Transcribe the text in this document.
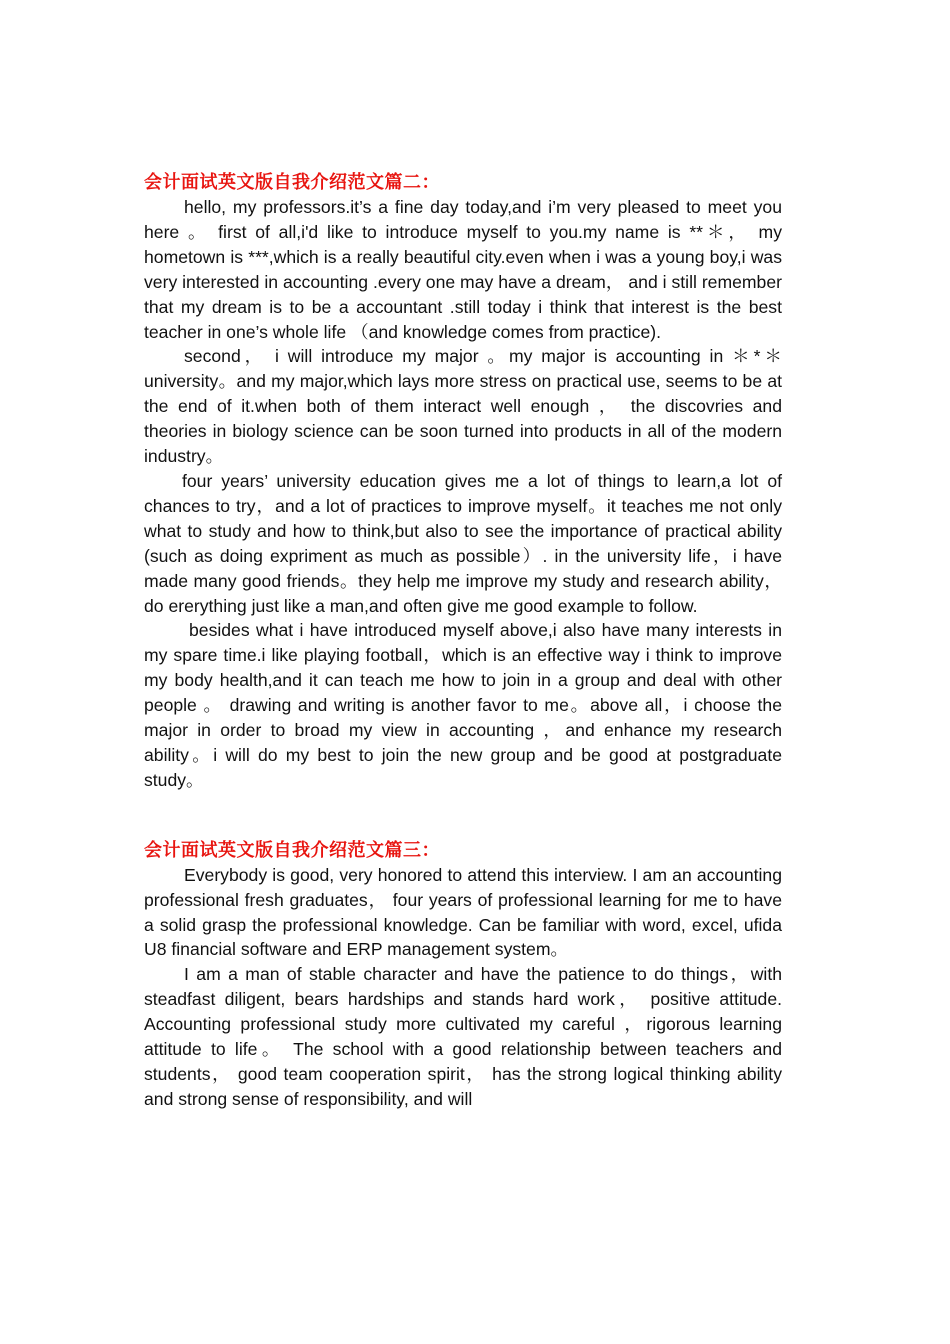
会计面试英文版自我介绍范文篇二：

hello, my professors.it’s a fine day today,and i’m very pleased to meet you here 。 first of all,i'd like to introduce myself to you.my name is **＊， my hometown is ***,which is a really beautiful city.even when i was a young boy,i was very interested in accounting .every one may have a dream， and i still remember that my dream is to be a accountant .still today i think that interest is the best teacher in one’s whole life （and knowledge comes from practice).

second， i will introduce my major 。my major is accounting in ＊*＊ university。and my major,which lays more stress on practical use, seems to be at the end of it.when both of them interact well enough ， the discovries and theories in biology science can be soon turned into products in all of the modern industry。

four years’ university education gives me a lot of things to learn,a lot of chances to try，and a lot of practices to improve myself。it teaches me not only what to study and how to think,but also to see the importance of practical ability (such as doing expriment as much as possible）. in the university life，i have made many good friends。they help me improve my study and research ability， do ererything just like a man,and often give me good example to follow.

besides what i have introduced myself above,i also have many interests in my spare time.i like playing football，which is an effective way i think to improve my body health,and it can teach me how to join in a group and deal with other people 。 drawing and writing is another favor to me。above all，i choose the major in order to broad my view in accounting ，and enhance my research ability。i will do my best to join the new group and be good at postgraduate study。

会计面试英文版自我介绍范文篇三：

Everybody is good, very honored to attend this interview. I am an accounting professional fresh graduates， four years of professional learning for me to have a solid grasp the professional knowledge. Can be familiar with word, excel, ufida U8 financial software and ERP management system。

I am a man of stable character and have the patience to do things，with steadfast diligent, bears hardships and stands hard work， positive attitude. Accounting professional study more cultivated my careful ，rigorous learning attitude to life。 The school with a good relationship between teachers and students， good team cooperation spirit， has the strong logical thinking ability and strong sense of responsibility, and will
